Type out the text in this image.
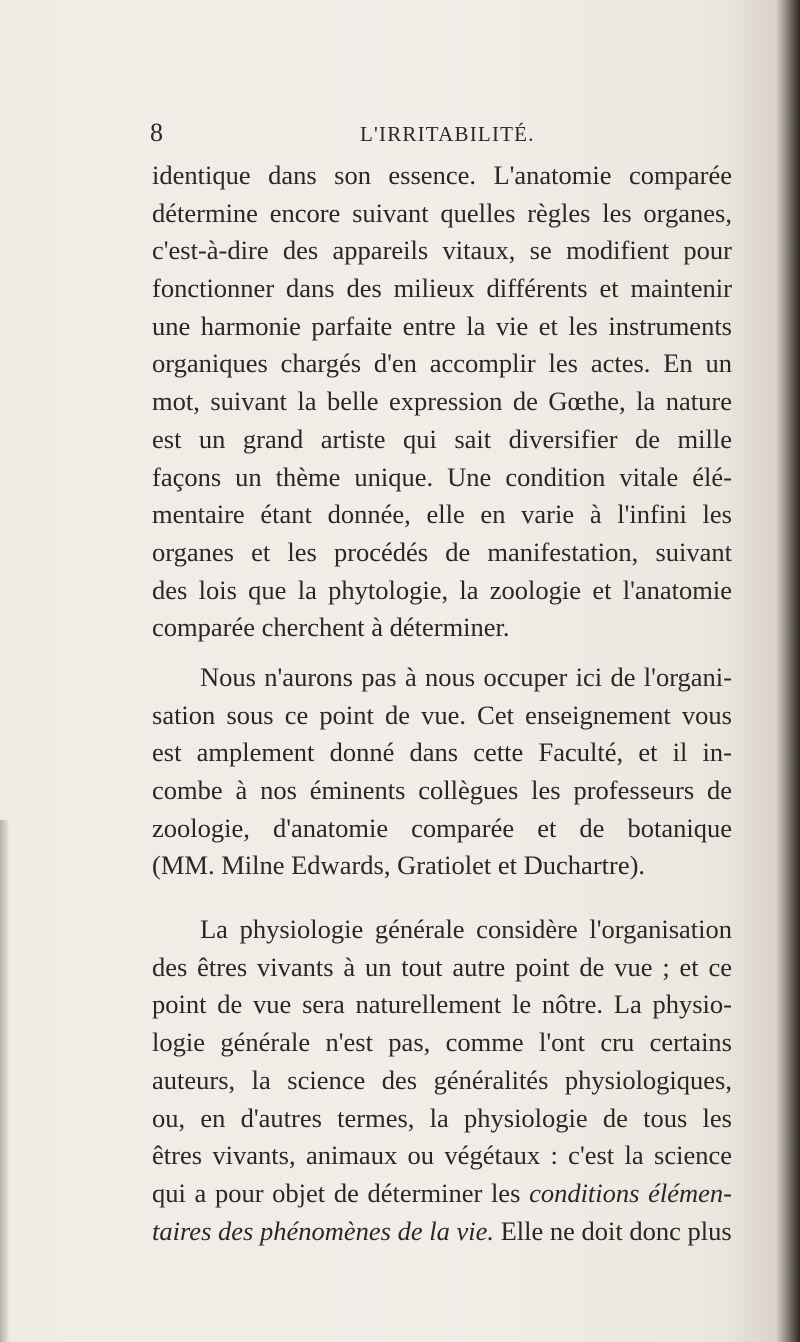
8	L'IRRITABILITÉ.
identique dans son essence. L'anatomie comparée
détermine encore suivant quelles règles les organes,
c'est-à-dire des appareils vitaux, se modifient pour
fonctionner dans des milieux différents et maintenir
une harmonie parfaite entre la vie et les instruments
organiques chargés d'en accomplir les actes. En un
mot, suivant la belle expression de Gœthe, la nature
est un grand artiste qui sait diversifier de mille
façons un thème unique. Une condition vitale élé-
mentaire étant donnée, elle en varie à l'infini les
organes et les procédés de manifestation, suivant
des lois que la phytologie, la zoologie et l'anatomie
comparée cherchent à déterminer.
Nous n'aurons pas à nous occuper ici de l'organi-
sation sous ce point de vue. Cet enseignement vous
est amplement donné dans cette Faculté, et il in-
combe à nos éminents collègues les professeurs de
zoologie, d'anatomie comparée et de botanique
(MM. Milne Edwards, Gratiolet et Duchartre).
La physiologie générale considère l'organisation
des êtres vivants à un tout autre point de vue ; et ce
point de vue sera naturellement le nôtre. La physio-
logie générale n'est pas, comme l'ont cru certains
auteurs, la science des généralités physiologiques,
ou, en d'autres termes, la physiologie de tous les
êtres vivants, animaux ou végétaux : c'est la science
qui a pour objet de déterminer les conditions élémen-
taires des phénomènes de la vie. Elle ne doit donc plus
